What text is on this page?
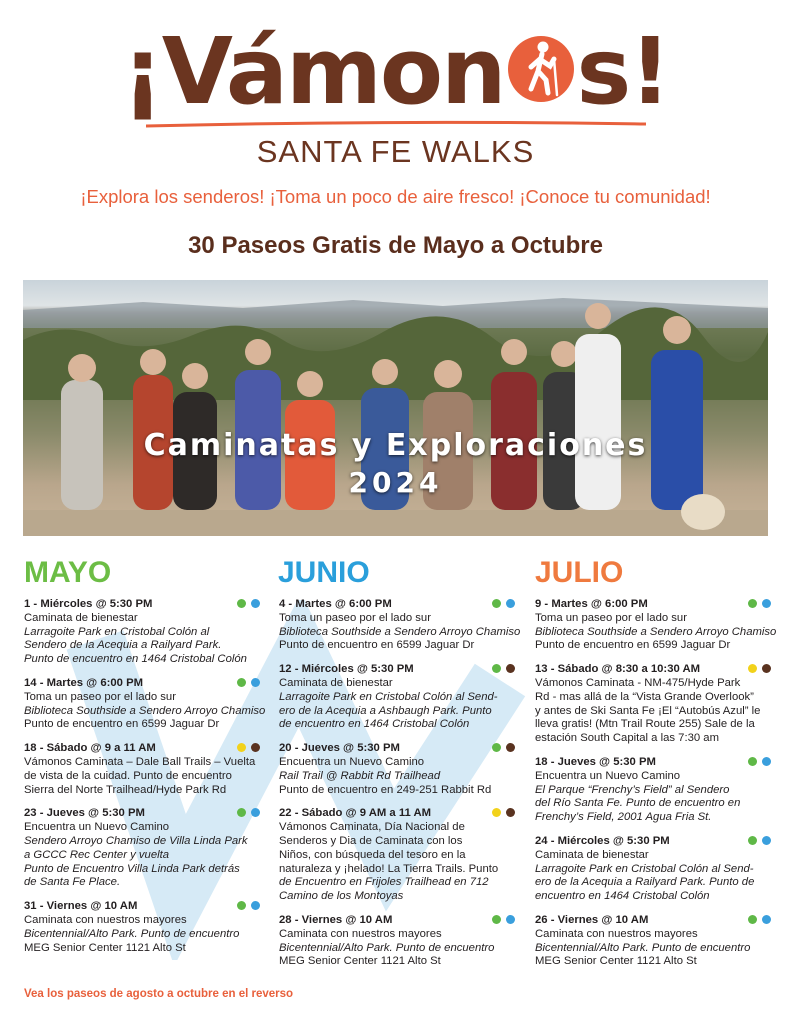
¡Vámon s!
SANTA FE WALKS
¡Explora los senderos! ¡Toma un poco de aire fresco! ¡Conoce tu comunidad!
30 Paseos Gratis de Mayo a Octubre
Caminatas y Exploraciones
2024
MAYO	JUNIO	JULIO
1 - Miércoles @ 5:30 PM
Caminata de bienestar
Larragoite Park en Cristobal Colón al
Sendero de la Acequia a Railyard Park.
Punto de encuentro en 1464 Cristobal Colón
14 - Martes @ 6:00 PM
Toma un paseo por el lado sur
Biblioteca Southside a Sendero Arroyo Chamiso
Punto de encuentro en 6599 Jaguar Dr
18 - Sábado @ 9 a 11 AM
Vámonos Caminata – Dale Ball Trails – Vuelta
de vista de la cuidad. Punto de encuentro
Sierra del Norte Trailhead/Hyde Park Rd
23 - Jueves @ 5:30 PM
Encuentra un Nuevo Camino
Sendero Arroyo Chamiso de Villa Linda Park
a GCCC Rec Center y vuelta
Punto de Encuentro Villa Linda Park detrás
de Santa Fe Place.
31 - Viernes @ 10 AM
Caminata con nuestros mayores
Bicentennial/Alto Park. Punto de encuentro
MEG Senior Center 1121 Alto St
4 - Martes @ 6:00 PM
Toma un paseo por el lado sur
Biblioteca Southside a Sendero Arroyo Chamiso
Punto de encuentro en 6599 Jaguar Dr
12 - Miércoles @ 5:30 PM
Caminata de bienestar
Larragoite Park en Cristobal Colón al Send-
ero de la Acequia a Ashbaugh Park. Punto
de encuentro en 1464 Cristobal Colón
20 - Jueves @ 5:30 PM
Encuentra un Nuevo Camino
Rail Trail @ Rabbit Rd Trailhead
Punto de encuentro en 249-251 Rabbit Rd
22 - Sábado @ 9 AM a 11 AM
Vámonos Caminata, Día Nacional de
Senderos y Dia de Caminata con los
Niños, con búsqueda del tesoro en la
naturaleza y ¡helado! La Tierra Trails. Punto
de Encuentro en Frijoles Trailhead en 712
Camino de los Montoyas
28 - Viernes @ 10 AM
Caminata con nuestros mayores
Bicentennial/Alto Park. Punto de encuentro
MEG Senior Center 1121 Alto St
9 - Martes @ 6:00 PM
Toma un paseo por el lado sur
Biblioteca Southside a Sendero Arroyo Chamiso
Punto de encuentro en 6599 Jaguar Dr
13 - Sábado @ 8:30 a 10:30 AM
Vámonos Caminata - NM-475/Hyde Park
Rd - mas allá de la “Vista Grande Overlook”
y antes de Ski Santa Fe ¡El “Autobús Azul” le
lleva gratis! (Mtn Trail Route 255) Sale de la
estación South Capital a las 7:30 am
18 - Jueves @ 5:30 PM
Encuentra un Nuevo Camino
El Parque “Frenchy’s Field” al Sendero
del Río Santa Fe. Punto de encuentro en
Frenchy’s Field, 2001 Agua Fria St.
24 - Miércoles @ 5:30 PM
Caminata de bienestar
Larragoite Park en Cristobal Colón al Send-
ero de la Acequia a Railyard Park. Punto de
encuentro en 1464 Cristobal Colón
26 - Viernes @ 10 AM
Caminata con nuestros mayores
Bicentennial/Alto Park. Punto de encuentro
MEG Senior Center 1121 Alto St
Vea los paseos de agosto a octubre en el reverso
